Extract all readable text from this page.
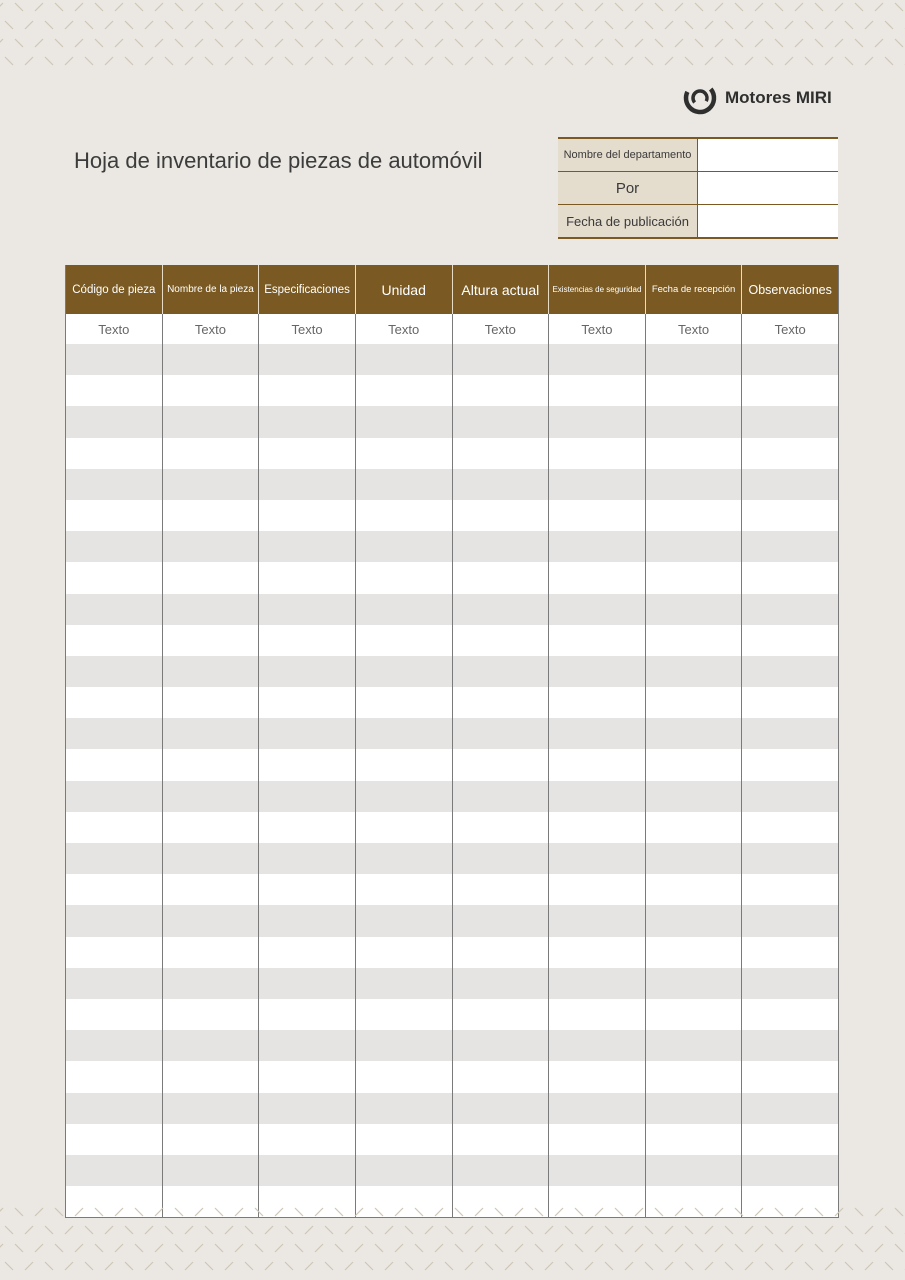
Motores MIRI
Hoja de inventario de piezas de automóvil	Nombre del departamento	
Por	
Fecha de publicación	
Código de pieza	Nombre de la pieza	Especificaciones	Unidad	Altura actual	Existencias de seguridad	Fecha de recepción	Observaciones
Texto	Texto	Texto	Texto	Texto	Texto	Texto	Texto
